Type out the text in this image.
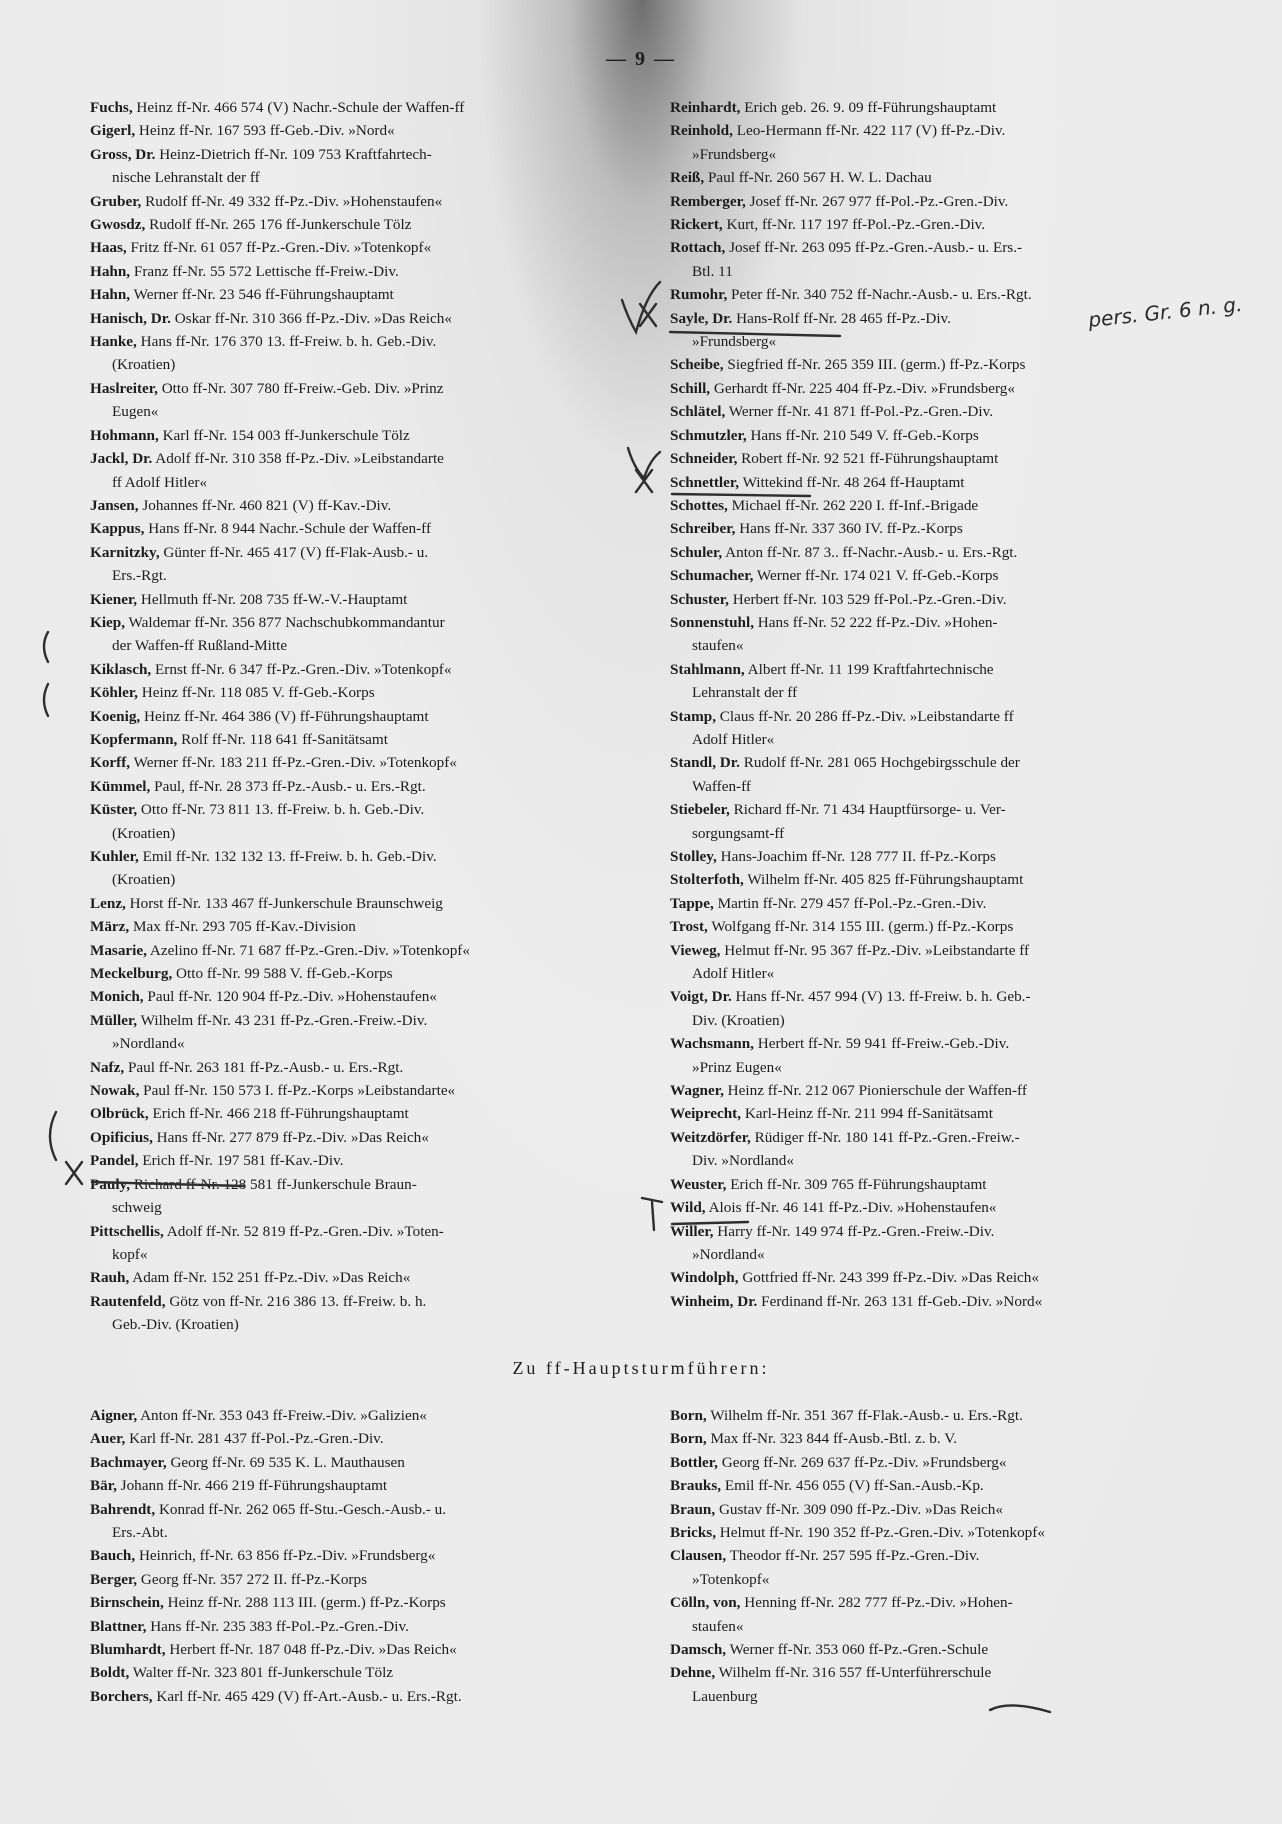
— 9 —
Fuchs, Heinz ff-Nr. 466 574 (V) Nachr.-Schule der Waffen-ff
Gigerl, Heinz ff-Nr. 167 593 ff-Geb.-Div. »Nord«
Gross, Dr. Heinz-Dietrich ff-Nr. 109 753 Kraftfahrtech-
nische Lehranstalt der ff
Gruber, Rudolf ff-Nr. 49 332 ff-Pz.-Div. »Hohenstaufen«
Gwosdz, Rudolf ff-Nr. 265 176 ff-Junkerschule Tölz
Haas, Fritz ff-Nr. 61 057 ff-Pz.-Gren.-Div. »Totenkopf«
Hahn, Franz ff-Nr. 55 572 Lettische ff-Freiw.-Div.
Hahn, Werner ff-Nr. 23 546 ff-Führungshauptamt
Hanisch, Dr. Oskar ff-Nr. 310 366 ff-Pz.-Div. »Das Reich«
Hanke, Hans ff-Nr. 176 370 13. ff-Freiw. b. h. Geb.-Div.
(Kroatien)
Haslreiter, Otto ff-Nr. 307 780 ff-Freiw.-Geb. Div. »Prinz
Eugen«
Hohmann, Karl ff-Nr. 154 003 ff-Junkerschule Tölz
Jackl, Dr. Adolf ff-Nr. 310 358 ff-Pz.-Div. »Leibstandarte
ff Adolf Hitler«
Jansen, Johannes ff-Nr. 460 821 (V) ff-Kav.-Div.
Kappus, Hans ff-Nr. 8 944 Nachr.-Schule der Waffen-ff
Karnitzky, Günter ff-Nr. 465 417 (V) ff-Flak-Ausb.- u.
Ers.-Rgt.
Kiener, Hellmuth ff-Nr. 208 735 ff-W.-V.-Hauptamt
Kiep, Waldemar ff-Nr. 356 877 Nachschubkommandantur
der Waffen-ff Rußland-Mitte
Kiklasch, Ernst ff-Nr. 6 347 ff-Pz.-Gren.-Div. »Totenkopf«
Köhler, Heinz ff-Nr. 118 085 V. ff-Geb.-Korps
Koenig, Heinz ff-Nr. 464 386 (V) ff-Führungshauptamt
Kopfermann, Rolf ff-Nr. 118 641 ff-Sanitätsamt
Korff, Werner ff-Nr. 183 211 ff-Pz.-Gren.-Div. »Totenkopf«
Kümmel, Paul, ff-Nr. 28 373 ff-Pz.-Ausb.- u. Ers.-Rgt.
Küster, Otto ff-Nr. 73 811 13. ff-Freiw. b. h. Geb.-Div.
(Kroatien)
Kuhler, Emil ff-Nr. 132 132 13. ff-Freiw. b. h. Geb.-Div.
(Kroatien)
Lenz, Horst ff-Nr. 133 467 ff-Junkerschule Braunschweig
März, Max ff-Nr. 293 705 ff-Kav.-Division
Masarie, Azelino ff-Nr. 71 687 ff-Pz.-Gren.-Div. »Totenkopf«
Meckelburg, Otto ff-Nr. 99 588 V. ff-Geb.-Korps
Monich, Paul ff-Nr. 120 904 ff-Pz.-Div. »Hohenstaufen«
Müller, Wilhelm ff-Nr. 43 231 ff-Pz.-Gren.-Freiw.-Div.
»Nordland«
Nafz, Paul ff-Nr. 263 181 ff-Pz.-Ausb.- u. Ers.-Rgt.
Nowak, Paul ff-Nr. 150 573 I. ff-Pz.-Korps »Leibstandarte«
Olbrück, Erich ff-Nr. 466 218 ff-Führungshauptamt
Opificius, Hans ff-Nr. 277 879 ff-Pz.-Div. »Das Reich«
Pandel, Erich ff-Nr. 197 581 ff-Kav.-Div.
Pauly, Richard ff-Nr. 128 581 ff-Junkerschule Braun-
schweig
Pittschellis, Adolf ff-Nr. 52 819 ff-Pz.-Gren.-Div. »Toten-
kopf«
Rauh, Adam ff-Nr. 152 251 ff-Pz.-Div. »Das Reich«
Rautenfeld, Götz von ff-Nr. 216 386 13. ff-Freiw. b. h.
Geb.-Div. (Kroatien)
Reinhardt, Erich geb. 26. 9. 09 ff-Führungshauptamt
Reinhold, Leo-Hermann ff-Nr. 422 117 (V) ff-Pz.-Div.
»Frundsberg«
Reiß, Paul ff-Nr. 260 567 H. W. L. Dachau
Remberger, Josef ff-Nr. 267 977 ff-Pol.-Pz.-Gren.-Div.
Rickert, Kurt, ff-Nr. 117 197 ff-Pol.-Pz.-Gren.-Div.
Rottach, Josef ff-Nr. 263 095 ff-Pz.-Gren.-Ausb.- u. Ers.-
Btl. 11
Rumohr, Peter ff-Nr. 340 752 ff-Nachr.-Ausb.- u. Ers.-Rgt.
Sayle, Dr. Hans-Rolf ff-Nr. 28 465 ff-Pz.-Div.
»Frundsberg«
Scheibe, Siegfried ff-Nr. 265 359 III. (germ.) ff-Pz.-Korps
Schill, Gerhardt ff-Nr. 225 404 ff-Pz.-Div. »Frundsberg«
Schlätel, Werner ff-Nr. 41 871 ff-Pol.-Pz.-Gren.-Div.
Schmutzler, Hans ff-Nr. 210 549 V. ff-Geb.-Korps
Schneider, Robert ff-Nr. 92 521 ff-Führungshauptamt
Schnettler, Wittekind ff-Nr. 48 264 ff-Hauptamt
Schottes, Michael ff-Nr. 262 220 I. ff-Inf.-Brigade
Schreiber, Hans ff-Nr. 337 360 IV. ff-Pz.-Korps
Schuler, Anton ff-Nr. 87 3.. ff-Nachr.-Ausb.- u. Ers.-Rgt.
Schumacher, Werner ff-Nr. 174 021 V. ff-Geb.-Korps
Schuster, Herbert ff-Nr. 103 529 ff-Pol.-Pz.-Gren.-Div.
Sonnenstuhl, Hans ff-Nr. 52 222 ff-Pz.-Div. »Hohen-
staufen«
Stahlmann, Albert ff-Nr. 11 199 Kraftfahrtechnische
Lehranstalt der ff
Stamp, Claus ff-Nr. 20 286 ff-Pz.-Div. »Leibstandarte ff
Adolf Hitler«
Standl, Dr. Rudolf ff-Nr. 281 065 Hochgebirgsschule der
Waffen-ff
Stiebeler, Richard ff-Nr. 71 434 Hauptfürsorge- u. Ver-
sorgungsamt-ff
Stolley, Hans-Joachim ff-Nr. 128 777 II. ff-Pz.-Korps
Stolterfoth, Wilhelm ff-Nr. 405 825 ff-Führungshauptamt
Tappe, Martin ff-Nr. 279 457 ff-Pol.-Pz.-Gren.-Div.
Trost, Wolfgang ff-Nr. 314 155 III. (germ.) ff-Pz.-Korps
Vieweg, Helmut ff-Nr. 95 367 ff-Pz.-Div. »Leibstandarte ff
Adolf Hitler«
Voigt, Dr. Hans ff-Nr. 457 994 (V) 13. ff-Freiw. b. h. Geb.-
Div. (Kroatien)
Wachsmann, Herbert ff-Nr. 59 941 ff-Freiw.-Geb.-Div.
»Prinz Eugen«
Wagner, Heinz ff-Nr. 212 067 Pionierschule der Waffen-ff
Weiprecht, Karl-Heinz ff-Nr. 211 994 ff-Sanitätsamt
Weitzdörfer, Rüdiger ff-Nr. 180 141 ff-Pz.-Gren.-Freiw.-
Div. »Nordland«
Weuster, Erich ff-Nr. 309 765 ff-Führungshauptamt
Wild, Alois ff-Nr. 46 141 ff-Pz.-Div. »Hohenstaufen«
Willer, Harry ff-Nr. 149 974 ff-Pz.-Gren.-Freiw.-Div.
»Nordland«
Windolph, Gottfried ff-Nr. 243 399 ff-Pz.-Div. »Das Reich«
Winheim, Dr. Ferdinand ff-Nr. 263 131 ff-Geb.-Div. »Nord«
Zu ff-Hauptsturmführern:
Aigner, Anton ff-Nr. 353 043 ff-Freiw.-Div. »Galizien«
Auer, Karl ff-Nr. 281 437 ff-Pol.-Pz.-Gren.-Div.
Bachmayer, Georg ff-Nr. 69 535 K. L. Mauthausen
Bär, Johann ff-Nr. 466 219 ff-Führungshauptamt
Bahrendt, Konrad ff-Nr. 262 065 ff-Stu.-Gesch.-Ausb.- u.
Ers.-Abt.
Bauch, Heinrich, ff-Nr. 63 856 ff-Pz.-Div. »Frundsberg«
Berger, Georg ff-Nr. 357 272 II. ff-Pz.-Korps
Birnschein, Heinz ff-Nr. 288 113 III. (germ.) ff-Pz.-Korps
Blattner, Hans ff-Nr. 235 383 ff-Pol.-Pz.-Gren.-Div.
Blumhardt, Herbert ff-Nr. 187 048 ff-Pz.-Div. »Das Reich«
Boldt, Walter ff-Nr. 323 801 ff-Junkerschule Tölz
Borchers, Karl ff-Nr. 465 429 (V) ff-Art.-Ausb.- u. Ers.-Rgt.
Born, Wilhelm ff-Nr. 351 367 ff-Flak.-Ausb.- u. Ers.-Rgt.
Born, Max ff-Nr. 323 844 ff-Ausb.-Btl. z. b. V.
Bottler, Georg ff-Nr. 269 637 ff-Pz.-Div. »Frundsberg«
Brauks, Emil ff-Nr. 456 055 (V) ff-San.-Ausb.-Kp.
Braun, Gustav ff-Nr. 309 090 ff-Pz.-Div. »Das Reich«
Bricks, Helmut ff-Nr. 190 352 ff-Pz.-Gren.-Div. »Totenkopf«
Clausen, Theodor ff-Nr. 257 595 ff-Pz.-Gren.-Div.
»Totenkopf«
Cölln, von, Henning ff-Nr. 282 777 ff-Pz.-Div. »Hohen-
staufen«
Damsch, Werner ff-Nr. 353 060 ff-Pz.-Gren.-Schule
Dehne, Wilhelm ff-Nr. 316 557 ff-Unterführerschule
Lauenburg
pers. Gr. 6 n. g.
